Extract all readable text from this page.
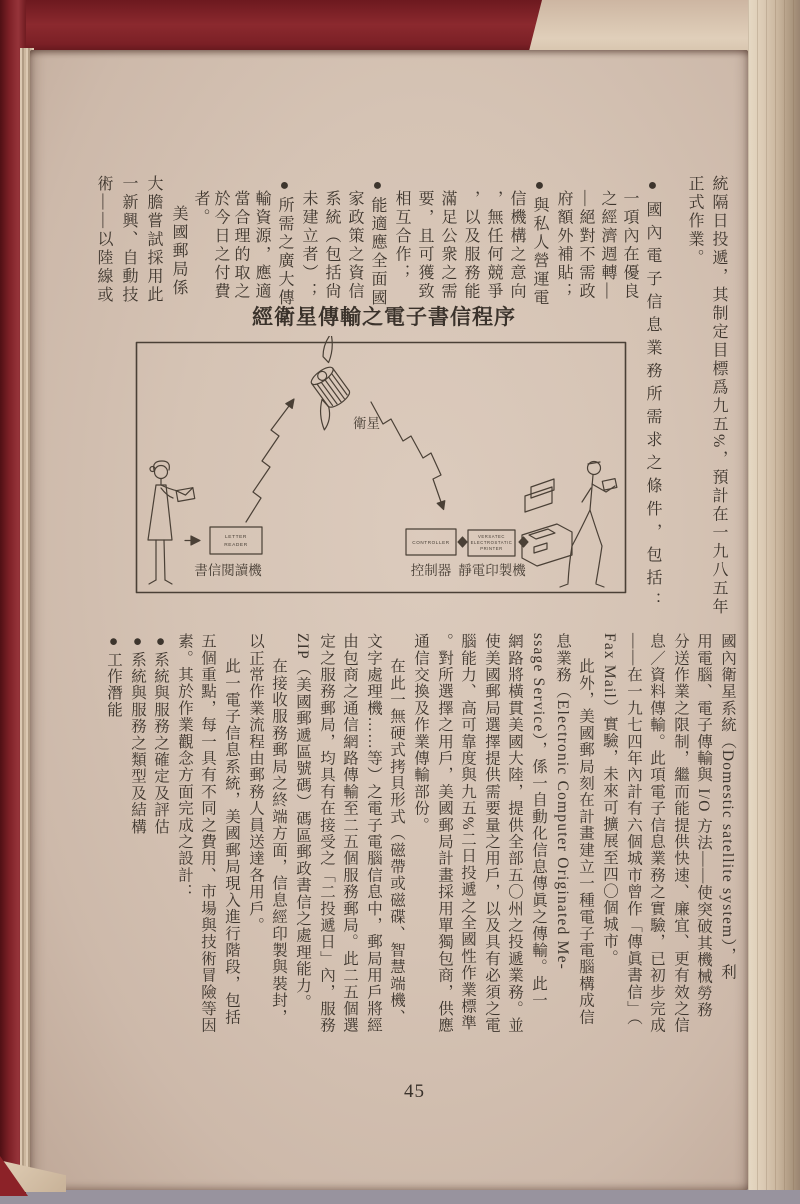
統隔日投遞，其制定目標爲九五%，預計在一九八五年
正式作業。
●國內電子信息業務所需求之條件，包括：
一項內在優良
之經濟週轉—
—絕對不需政
府額外補貼；
●與私人營運電
信機構之意向
，無任何競爭
，以及服務能
滿足公衆之需
要，且可獲致
相互合作；
●能適應全面國
家政策之資信
系統（包括尙
未建立者）；
●所需之廣大傳
輸資源，應適
當合理的取之
於今日之付費
者。
美國郵局係
大膽嘗試採用此
一新興、自動技
術——以陸線或
經衛星傳輸之電子書信程序
LETTER
READER
CONTROLLER
VERSATEC
ELECTROSTATIC
PRINTER
衛星
書信閱讀機	控制器 靜電印製機
國內衛星系統（Domestic satellite system），利
用電腦、電子傳輸與 I/O 方法——使突破其機械勞務
分送作業之限制，繼而能提供快速、廉宜、更有效之信
息／資料傳輸。此項電子信息業務之實驗，已初步完成
——在一九七四年內計有六個城市曾作「傳眞書信」（
Fax Mail）實驗，未來可擴展至四〇個城市。
此外，美國郵局刻在計畫建立一種電子電腦構成信
息業務（Electronic Computer Originated Me-
ssage Service），係一自動化信息傳眞之傳輸。此一
網路將橫貫美國大陸，提供全部五〇州之投遞業務。並
使美國郵局選擇提供需要量之用戶，以及具有必須之電
腦能力、高可靠度與九五%二日投遞之全國性作業標準
。對所選擇之用戶，美國郵局計畫採用單獨包商，供應
通信交換及作業傳輸部份。
在此一無硬式拷貝形式（磁帶或磁碟、智慧端機、
文字處理機……等）之電子電腦信息中，郵局用戶將經
由包商之通信網路傳輸至二五個服務郵局。此二五個選
定之服務郵局，均具有在接受之「二投遞日」內，服務
ZIP（美國郵遞區號碼）碼區郵政書信之處理能力。
在接收服務郵局之終端方面，信息經印製與裝封，
以正常作業流程由郵務人員送達各用戶。
此一電子信息系統，美國郵局現入進行階段，包括
五個重點，每一具有不同之費用、市場與技術冒險等因
素。其於作業觀念方面完成之設計：
●系統與服務之確定及評估
●系統與服務之類型及結構
●工作潛能
45
